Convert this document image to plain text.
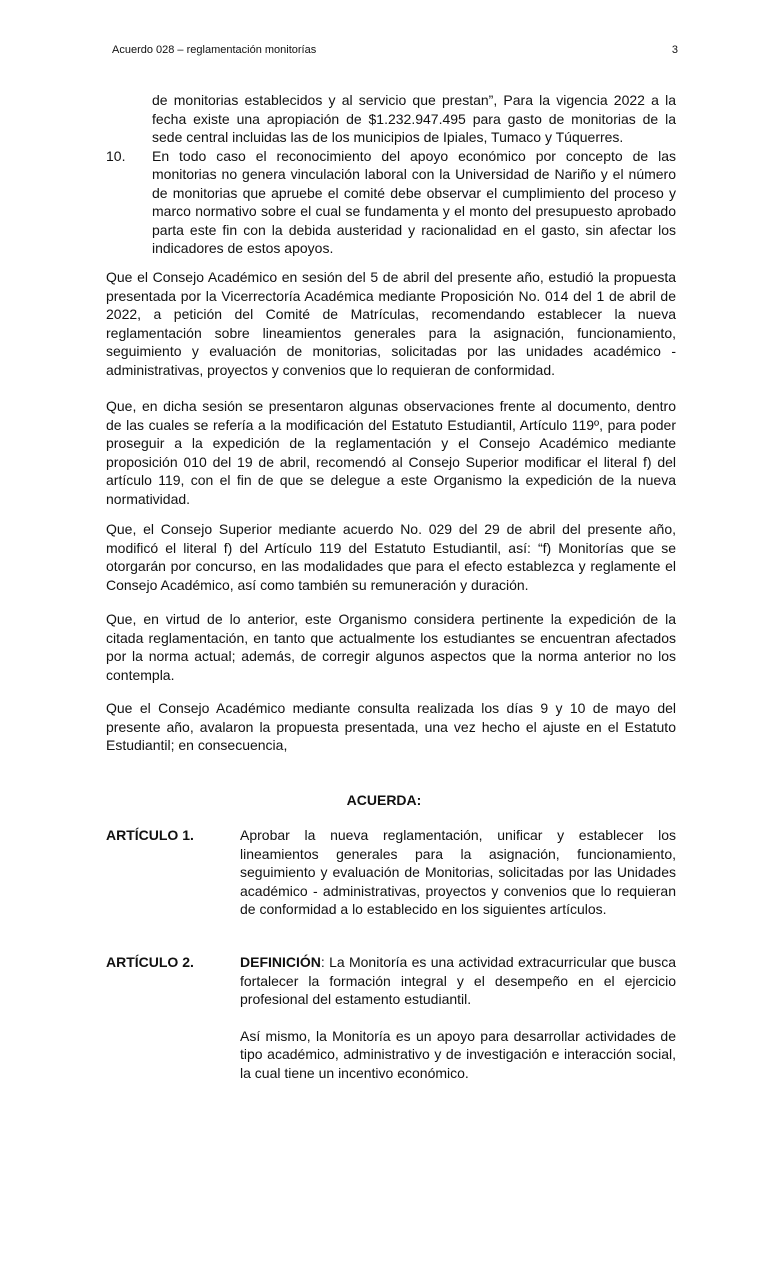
Acuerdo 028 – reglamentación monitorías	3
de monitorias establecidos y al servicio que prestan”, Para la vigencia 2022 a la fecha existe una apropiación de $1.232.947.495 para gasto de monitorias de la sede central incluidas las de los municipios de Ipiales, Tumaco y Túquerres.
10.	En todo caso el reconocimiento del apoyo económico por concepto de las monitorias no genera vinculación laboral con la Universidad de Nariño y el número de monitorias que apruebe el comité debe observar el cumplimiento del proceso y marco normativo sobre el cual se fundamenta y el monto del presupuesto aprobado parta este fin con la debida austeridad y racionalidad en el gasto, sin afectar los indicadores de estos apoyos.

Que el Consejo Académico en sesión del 5 de abril del presente año, estudió la propuesta presentada por la Vicerrectoría Académica mediante Proposición No. 014 del 1 de abril de 2022, a petición del Comité de Matrículas, recomendando establecer la nueva reglamentación sobre lineamientos generales para la asignación, funcionamiento, seguimiento y evaluación de monitorias, solicitadas por las unidades académico - administrativas, proyectos y convenios que lo requieran de conformidad.

Que, en dicha sesión se presentaron algunas observaciones frente al documento, dentro de las cuales se refería a la modificación del Estatuto Estudiantil, Artículo 119º, para poder proseguir a la expedición de la reglamentación y el Consejo Académico mediante proposición 010 del 19 de abril, recomendó al Consejo Superior modificar el literal f) del artículo 119, con el fin de que se delegue a este Organismo la expedición de la nueva normatividad.

Que, el Consejo Superior mediante acuerdo No. 029 del 29 de abril del presente año, modificó el literal f) del Artículo 119 del Estatuto Estudiantil, así: “f) Monitorías que se otorgarán por concurso, en las modalidades que para el efecto establezca y reglamente el Consejo Académico, así como también su remuneración y duración.

Que, en virtud de lo anterior, este Organismo considera pertinente la expedición de la citada reglamentación, en tanto que actualmente los estudiantes se encuentran afectados por la norma actual; además, de corregir algunos aspectos que la norma anterior no los contempla.

Que el Consejo Académico mediante consulta realizada los días 9 y 10 de mayo del presente año, avalaron la propuesta presentada, una vez hecho el ajuste en el Estatuto Estudiantil; en consecuencia,

ACUERDA:
ARTÍCULO 1.	Aprobar la nueva reglamentación, unificar y establecer los lineamientos generales para la asignación, funcionamiento, seguimiento y evaluación de Monitorias, solicitadas por las Unidades académico - administrativas, proyectos y convenios que lo requieran de conformidad a lo establecido en los siguientes artículos.

ARTÍCULO 2.	DEFINICIÓN: La Monitoría es una actividad extracurricular que busca fortalecer la formación integral y el desempeño en el ejercicio profesional del estamento estudiantil.

Así mismo, la Monitoría es un apoyo para desarrollar actividades de tipo académico, administrativo y de investigación e interacción social, la cual tiene un incentivo económico.
